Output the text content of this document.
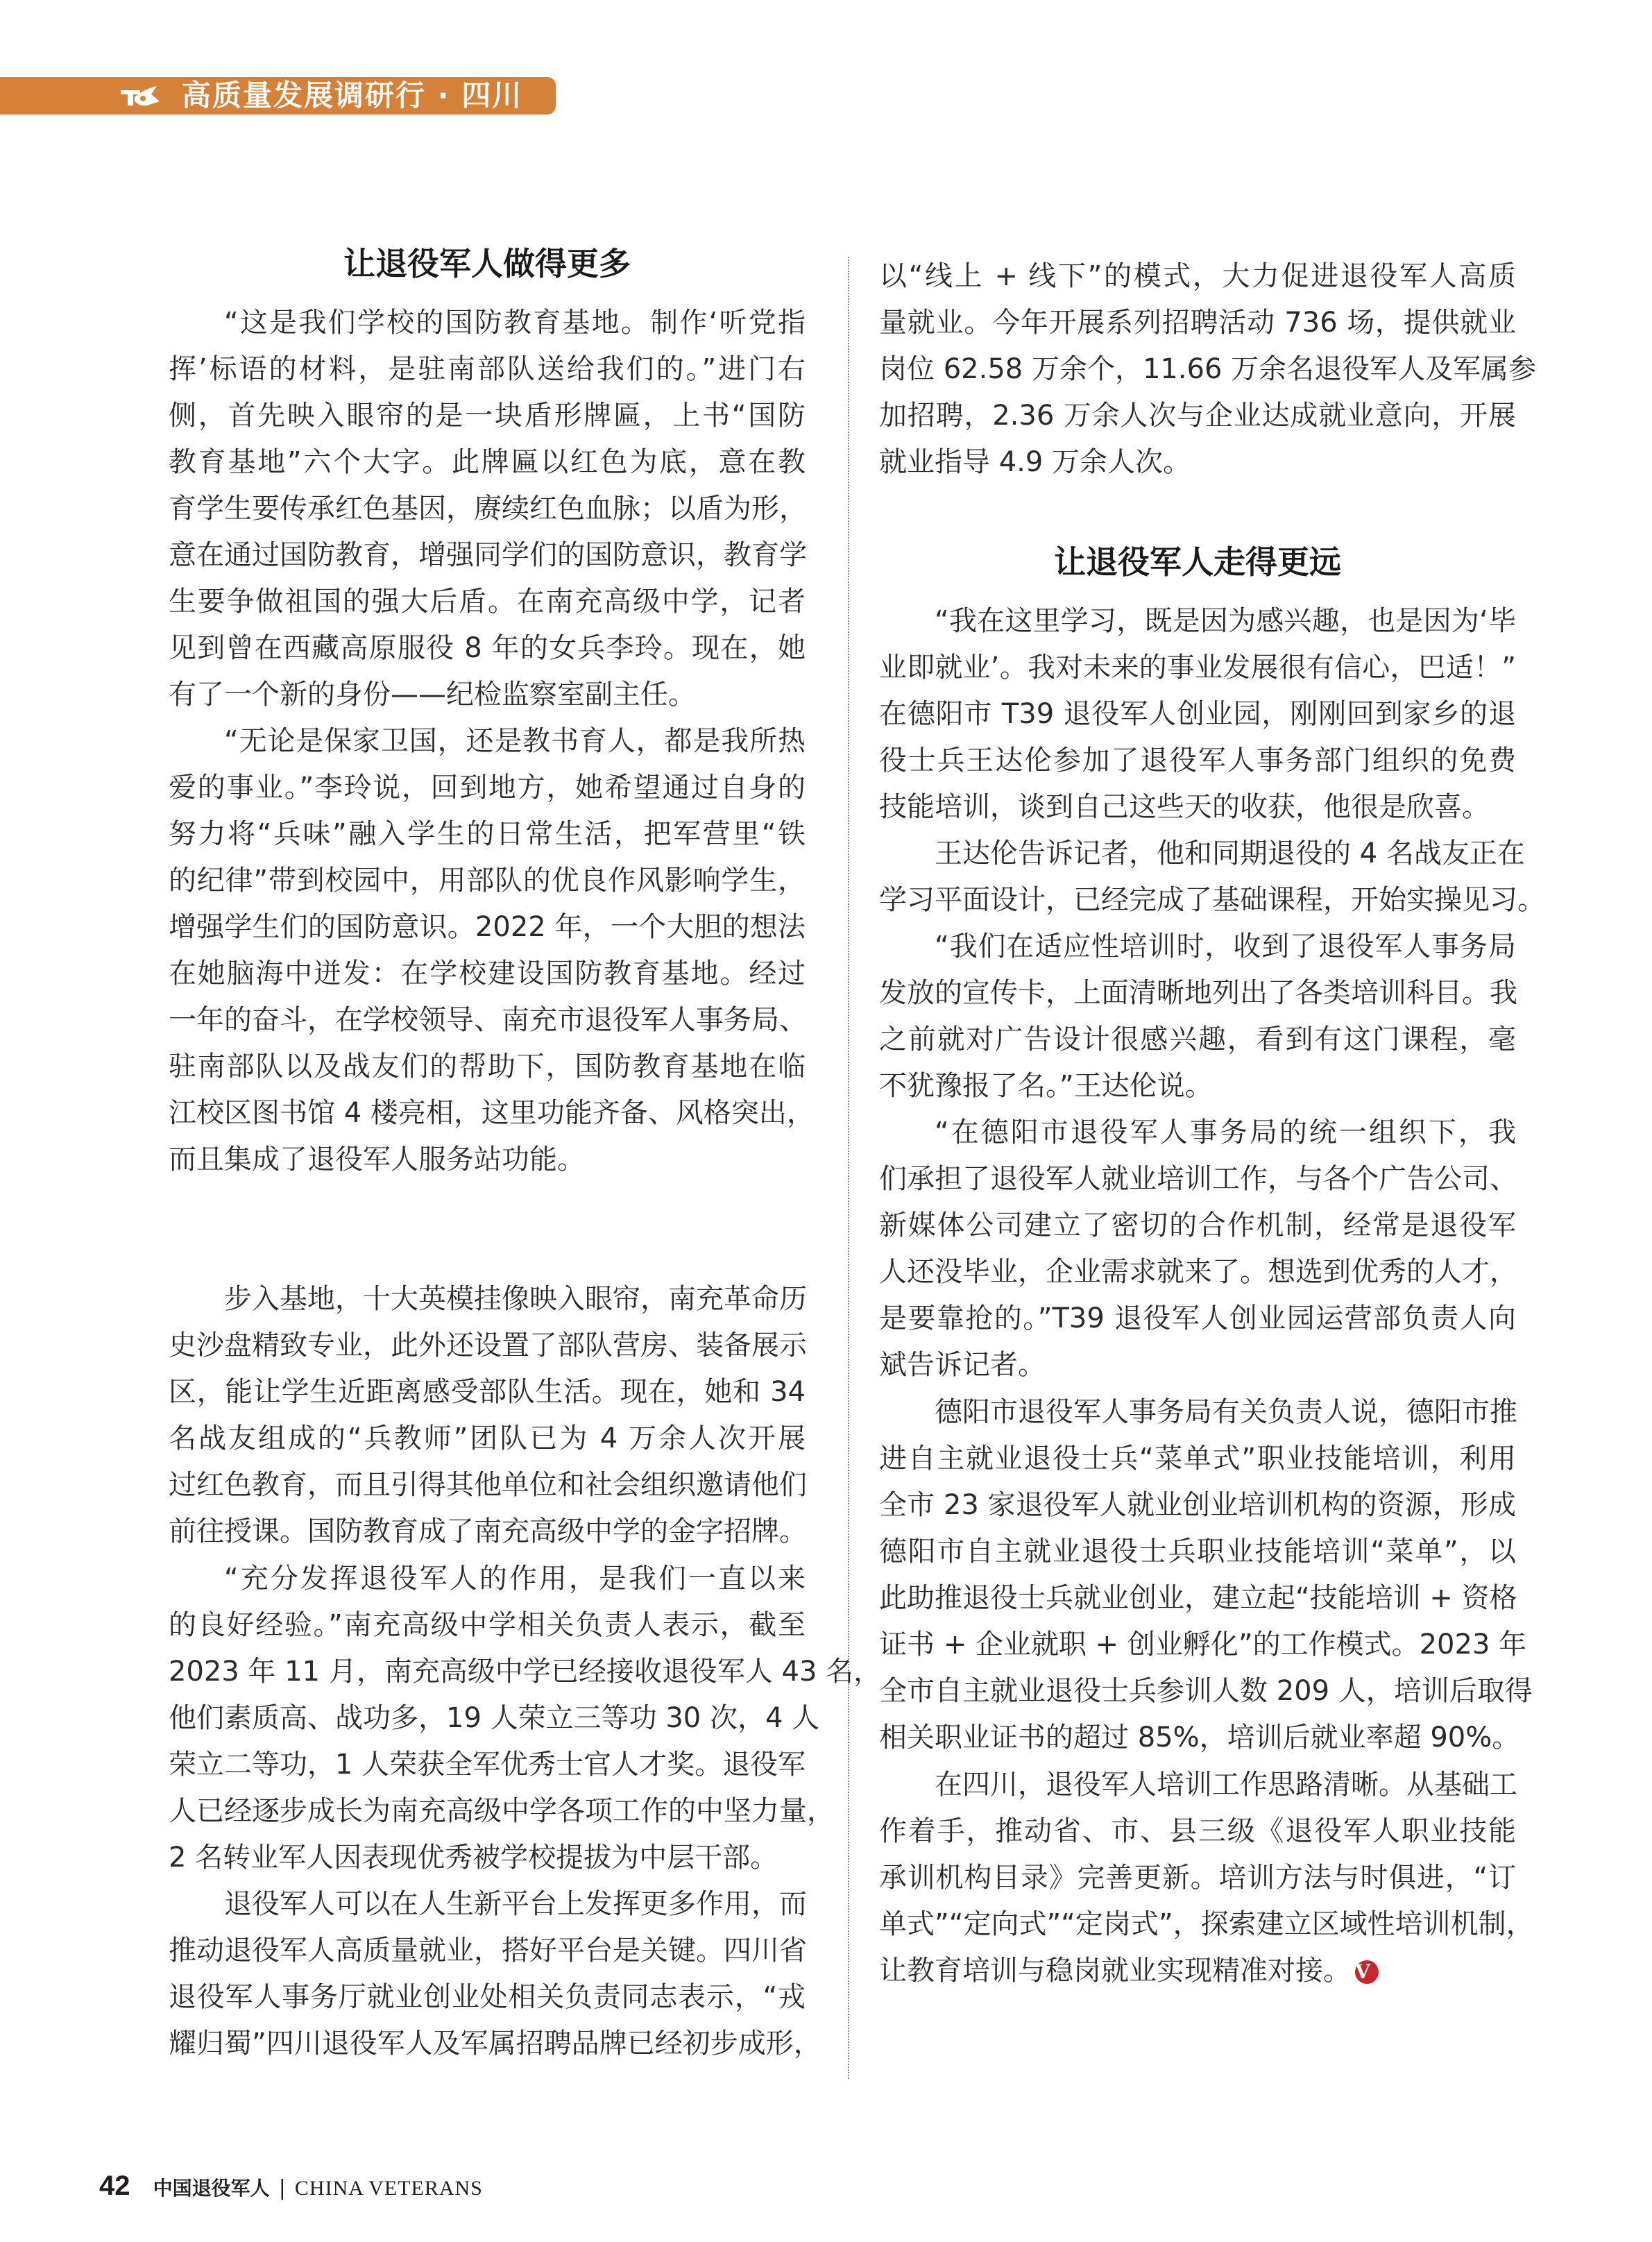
高质量发展调研行 · 四川
让退役军人做得更多
“这是我们学校的国防教育基地。制作‘听党指
挥’标语的材料，是驻南部队送给我们的。”进门右
侧，首先映入眼帘的是一块盾形牌匾，上书“国防
教育基地”六个大字。此牌匾以红色为底，意在教
育学生要传承红色基因，赓续红色血脉；以盾为形，
意在通过国防教育，增强同学们的国防意识，教育学
生要争做祖国的强大后盾。在南充高级中学，记者
见到曾在西藏高原服役 8 年的女兵李玲。现在，她
有了一个新的身份——纪检监察室副主任。
“无论是保家卫国，还是教书育人，都是我所热
爱的事业。”李玲说，回到地方，她希望通过自身的
努力将“兵味”融入学生的日常生活，把军营里“铁
的纪律”带到校园中，用部队的优良作风影响学生，
增强学生们的国防意识。2022 年，一个大胆的想法
在她脑海中迸发：在学校建设国防教育基地。经过
一年的奋斗，在学校领导、南充市退役军人事务局、
驻南部队以及战友们的帮助下，国防教育基地在临
江校区图书馆 4 楼亮相，这里功能齐备、风格突出，
而且集成了退役军人服务站功能。
步入基地，十大英模挂像映入眼帘，南充革命历
史沙盘精致专业，此外还设置了部队营房、装备展示
区，能让学生近距离感受部队生活。现在，她和 34
名战友组成的“兵教师”团队已为 4 万余人次开展
过红色教育，而且引得其他单位和社会组织邀请他们
前往授课。国防教育成了南充高级中学的金字招牌。
“充分发挥退役军人的作用，是我们一直以来
的良好经验。”南充高级中学相关负责人表示，截至
2023 年 11 月，南充高级中学已经接收退役军人 43 名，
他们素质高、战功多，19 人荣立三等功 30 次，4 人
荣立二等功，1 人荣获全军优秀士官人才奖。退役军
人已经逐步成长为南充高级中学各项工作的中坚力量，
2 名转业军人因表现优秀被学校提拔为中层干部。
退役军人可以在人生新平台上发挥更多作用，而
推动退役军人高质量就业，搭好平台是关键。四川省
退役军人事务厅就业创业处相关负责同志表示，“戎
耀归蜀”四川退役军人及军属招聘品牌已经初步成形，
以“线上 + 线下”的模式，大力促进退役军人高质
量就业。今年开展系列招聘活动 736 场，提供就业
岗位 62.58 万余个，11.66 万余名退役军人及军属参
加招聘，2.36 万余人次与企业达成就业意向，开展
就业指导 4.9 万余人次。
让退役军人走得更远
“我在这里学习，既是因为感兴趣，也是因为‘毕
业即就业’。我对未来的事业发展很有信心，巴适！”
在德阳市 T39 退役军人创业园，刚刚回到家乡的退
役士兵王达伦参加了退役军人事务部门组织的免费
技能培训，谈到自己这些天的收获，他很是欣喜。
王达伦告诉记者，他和同期退役的 4 名战友正在
学习平面设计，已经完成了基础课程，开始实操见习。
“我们在适应性培训时，收到了退役军人事务局
发放的宣传卡，上面清晰地列出了各类培训科目。我
之前就对广告设计很感兴趣，看到有这门课程，毫
不犹豫报了名。”王达伦说。
“在德阳市退役军人事务局的统一组织下，我
们承担了退役军人就业培训工作，与各个广告公司、
新媒体公司建立了密切的合作机制，经常是退役军
人还没毕业，企业需求就来了。想选到优秀的人才，
是要靠抢的。”T39 退役军人创业园运营部负责人向
斌告诉记者。
德阳市退役军人事务局有关负责人说，德阳市推
进自主就业退役士兵“菜单式”职业技能培训，利用
全市 23 家退役军人就业创业培训机构的资源，形成
德阳市自主就业退役士兵职业技能培训“菜单”，以
此助推退役士兵就业创业，建立起“技能培训 + 资格
证书 + 企业就职 + 创业孵化”的工作模式。2023 年
全市自主就业退役士兵参训人数 209 人，培训后取得
相关职业证书的超过 85%，培训后就业率超 90%。
在四川，退役军人培训工作思路清晰。从基础工
作着手，推动省、市、县三级《退役军人职业技能
承训机构目录》完善更新。培训方法与时俱进，“订
单式”“定向式”“定岗式”，探索建立区域性培训机制，
让教育培训与稳岗就业实现精准对接。 V
42 中国退役军人 | CHINA VETERANS
